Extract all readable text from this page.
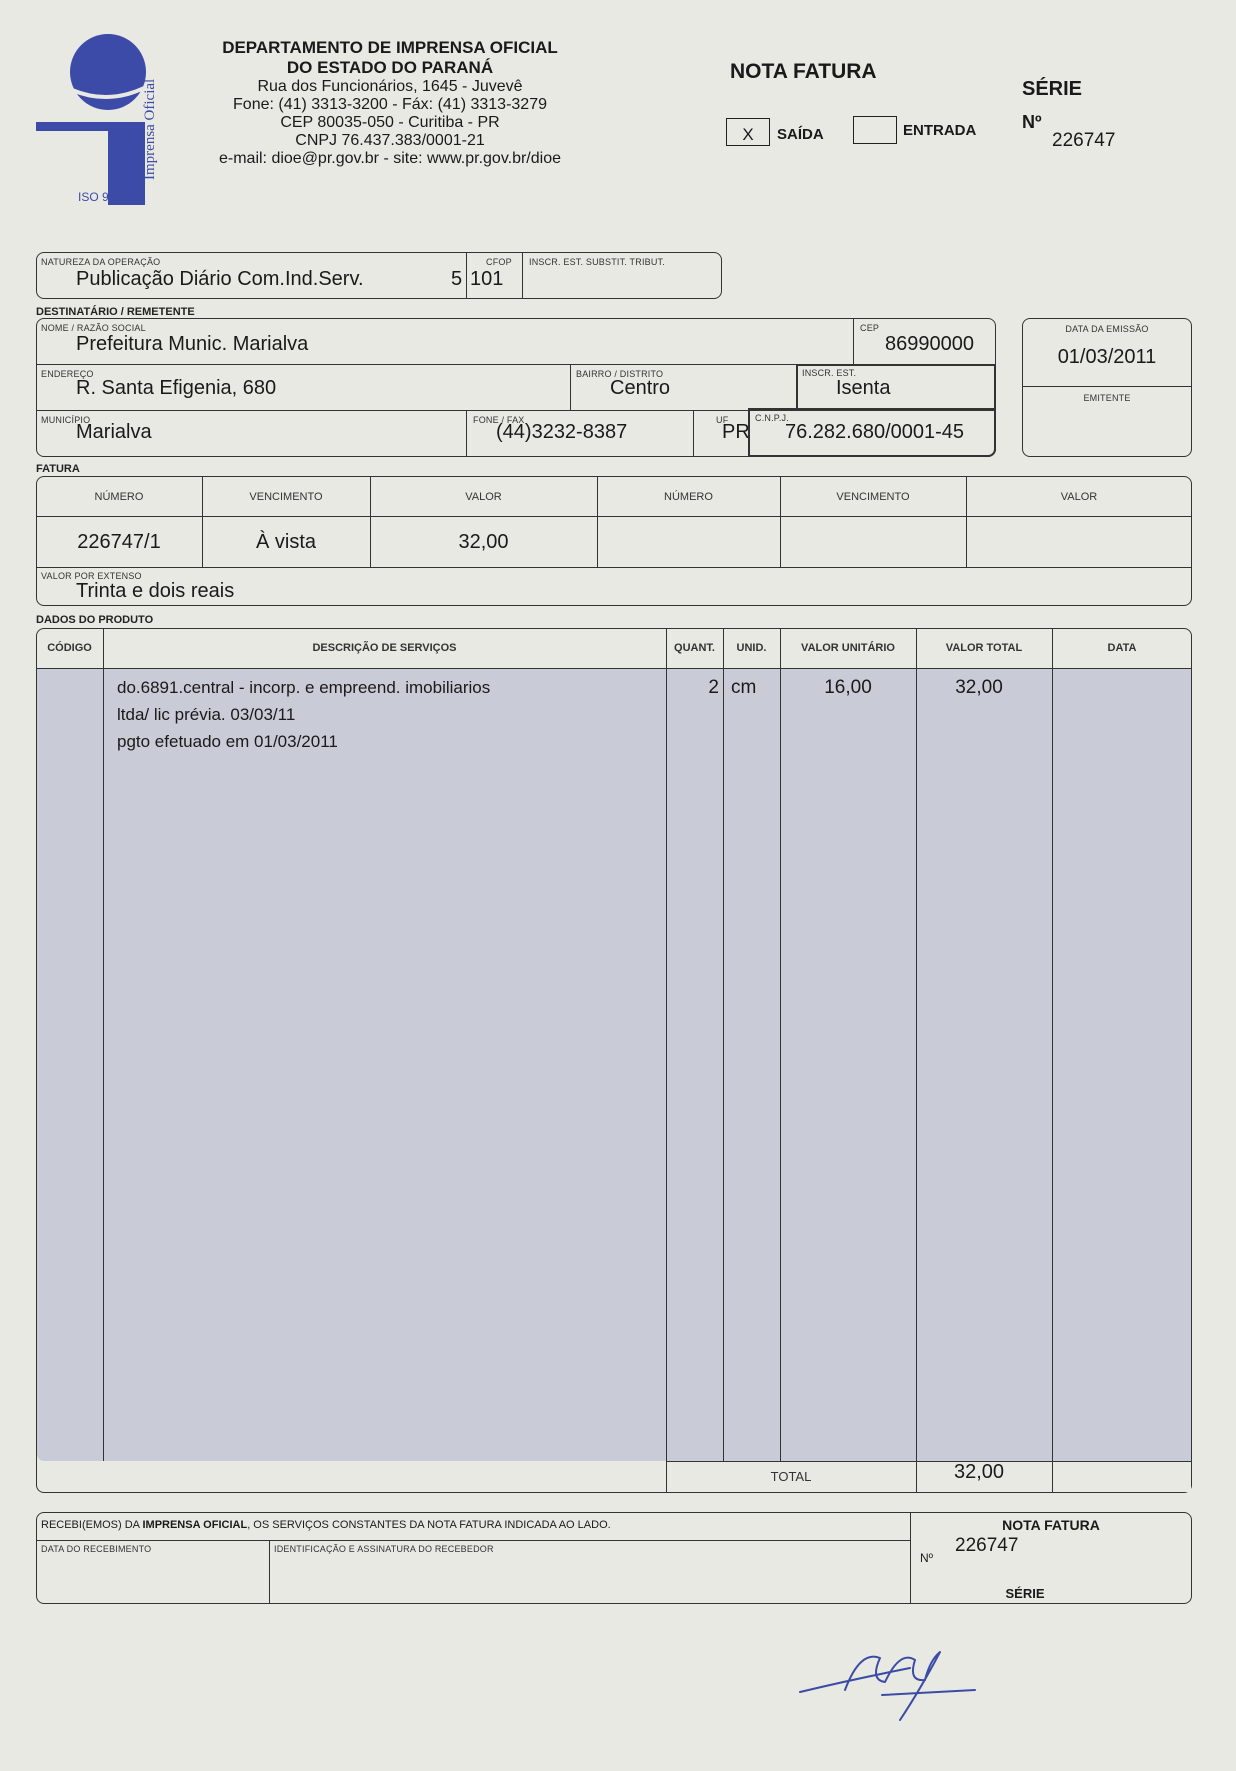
Imprensa Oficial
ISO 9001
DEPARTAMENTO DE IMPRENSA OFICIAL
DO ESTADO DO PARANÁ
Rua dos Funcionários, 1645 - Juvevê
Fone: (41) 3313-3200 - Fáx: (41) 3313-3279
CEP 80035-050 - Curitiba - PR
CNPJ 76.437.383/0001-21
e-mail: dioe@pr.gov.br - site: www.pr.gov.br/dioe
NOTA FATURA
X	SAÍDA	ENTRADA
SÉRIE
Nº
226747
NATUREZA DA OPERAÇÃO
Publicação Diário Com.Ind.Serv.
CFOP
5 101
INSCR. EST. SUBSTIT. TRIBUT.
DESTINATÁRIO / REMETENTE
NOME / RAZÃO SOCIAL
Prefeitura Munic. Marialva
CEP
86990000
ENDEREÇO
R. Santa Efigenia, 680
BAIRRO / DISTRITO
Centro
INSCR. EST.
Isenta
MUNICÍPIO
Marialva
FONE / FAX
(44)3232-8387
UF
PR
C.N.P.J.
76.282.680/0001-45
DATA DA EMISSÃO
01/03/2011
EMITENTE
FATURA
NÚMERO	VENCIMENTO	VALOR	NÚMERO	VENCIMENTO	VALOR
226747/1	À vista	32,00
VALOR POR EXTENSO
Trinta e dois reais
DADOS DO PRODUTO
CÓDIGO	DESCRIÇÃO DE SERVIÇOS	QUANT.	UNID.	VALOR UNITÁRIO	VALOR TOTAL	DATA
do.6891.central - incorp. e empreend. imobiliarios
ltda/ lic prévia. 03/03/11
pgto efetuado em 01/03/2011
2 cm	16,00	32,00
TOTAL	32,00
RECEBI(EMOS) DA IMPRENSA OFICIAL, OS SERVIÇOS CONSTANTES DA NOTA FATURA INDICADA AO LADO.
DATA DO RECEBIMENTO	IDENTIFICAÇÃO E ASSINATURA DO RECEBEDOR
NOTA FATURA
Nº
226747
SÉRIE
